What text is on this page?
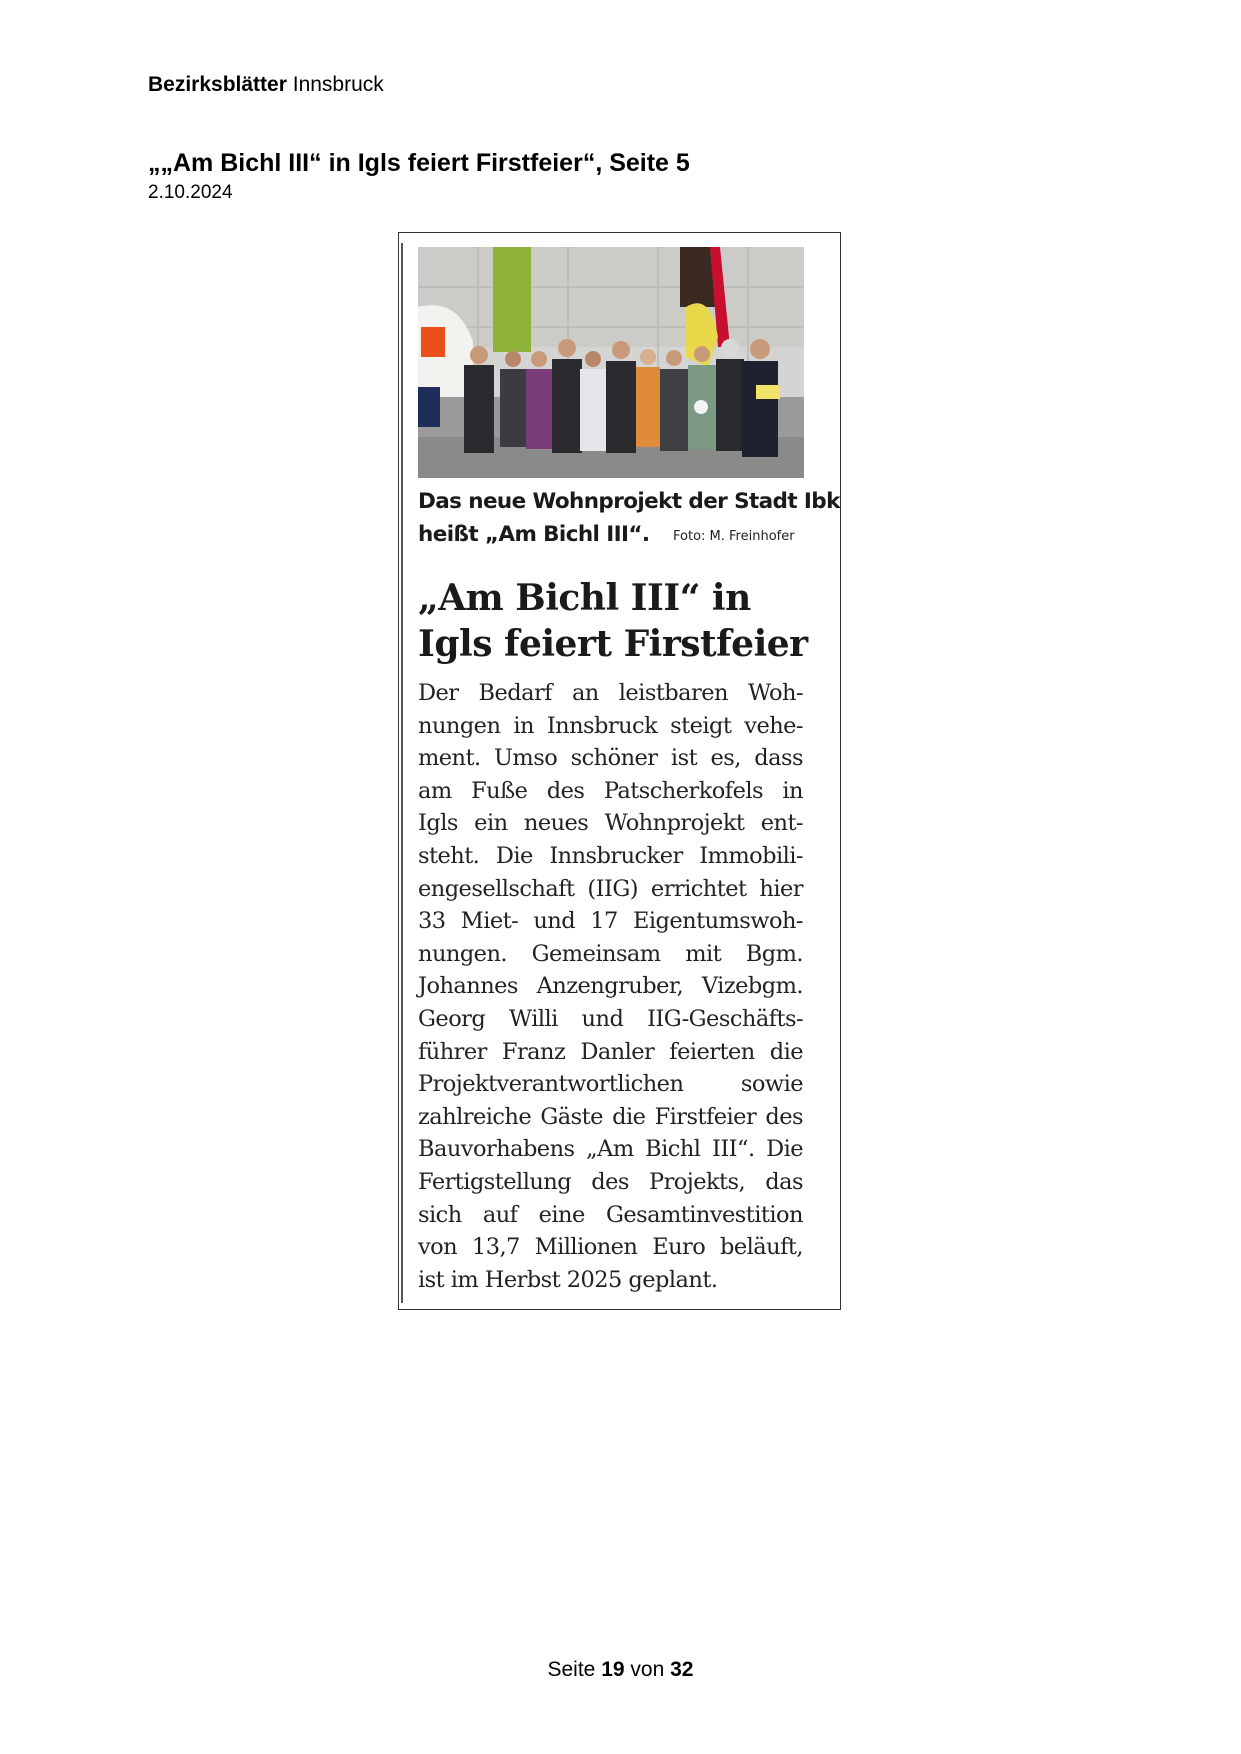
Bezirksblätter Innsbruck
„„Am Bichl III“ in Igls feiert Firstfeier“, Seite 5
2.10.2024
Das neue Wohnprojekt der Stadt Ibk
heißt „Am Bichl III“.	Foto: M. Freinhofer
„Am Bichl III“ in
Igls feiert Firstfeier
Der Bedarf an leistbaren Woh-
nungen in Innsbruck steigt vehe-
ment. Umso schöner ist es, dass
am Fuße des Patscherkofels in
Igls ein neues Wohnprojekt ent-
steht. Die Innsbrucker Immobili-
engesellschaft (IIG) errichtet hier
33 Miet- und 17 Eigentumswoh-
nungen. Gemeinsam mit Bgm.
Johannes Anzengruber, Vizebgm.
Georg Willi und IIG-Geschäfts-
führer Franz Danler feierten die
Projektverantwortlichen sowie
zahlreiche Gäste die Firstfeier des
Bauvorhabens „Am Bichl III“. Die
Fertigstellung des Projekts, das
sich auf eine Gesamtinvestition
von 13,7 Millionen Euro beläuft,
ist im Herbst 2025 geplant.
Seite 19 von 32
